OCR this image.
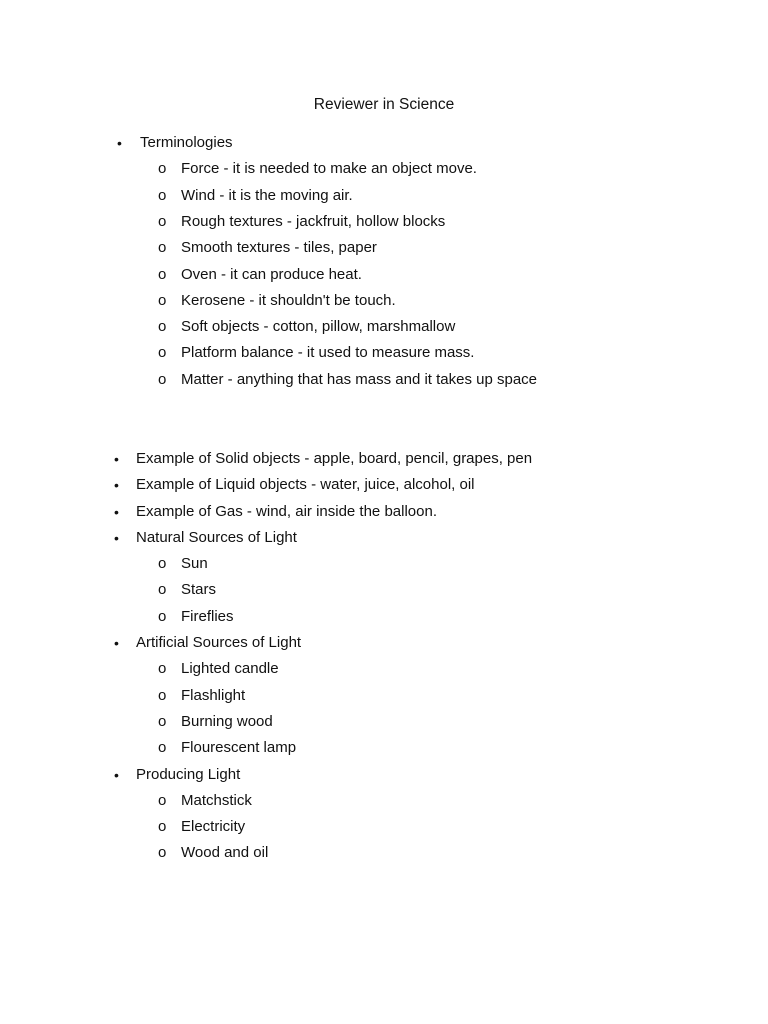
Reviewer in Science
• Terminologies
o Force - it is needed to make an object move.
o Wind - it is the moving air.
o Rough textures - jackfruit, hollow blocks
o Smooth textures - tiles, paper
o Oven - it can produce heat.
o Kerosene - it shouldn't be touch.
o Soft objects - cotton, pillow, marshmallow
o Platform balance - it used to measure mass.
o Matter - anything that has mass and it takes up space
• Example of Solid objects - apple, board, pencil, grapes, pen
• Example of Liquid objects - water, juice, alcohol, oil
• Example of Gas - wind, air inside the balloon.
• Natural Sources of Light
o Sun
o Stars
o Fireflies
• Artificial Sources of Light
o Lighted candle
o Flashlight
o Burning wood
o Flourescent lamp
• Producing Light
o Matchstick
o Electricity
o Wood and oil
